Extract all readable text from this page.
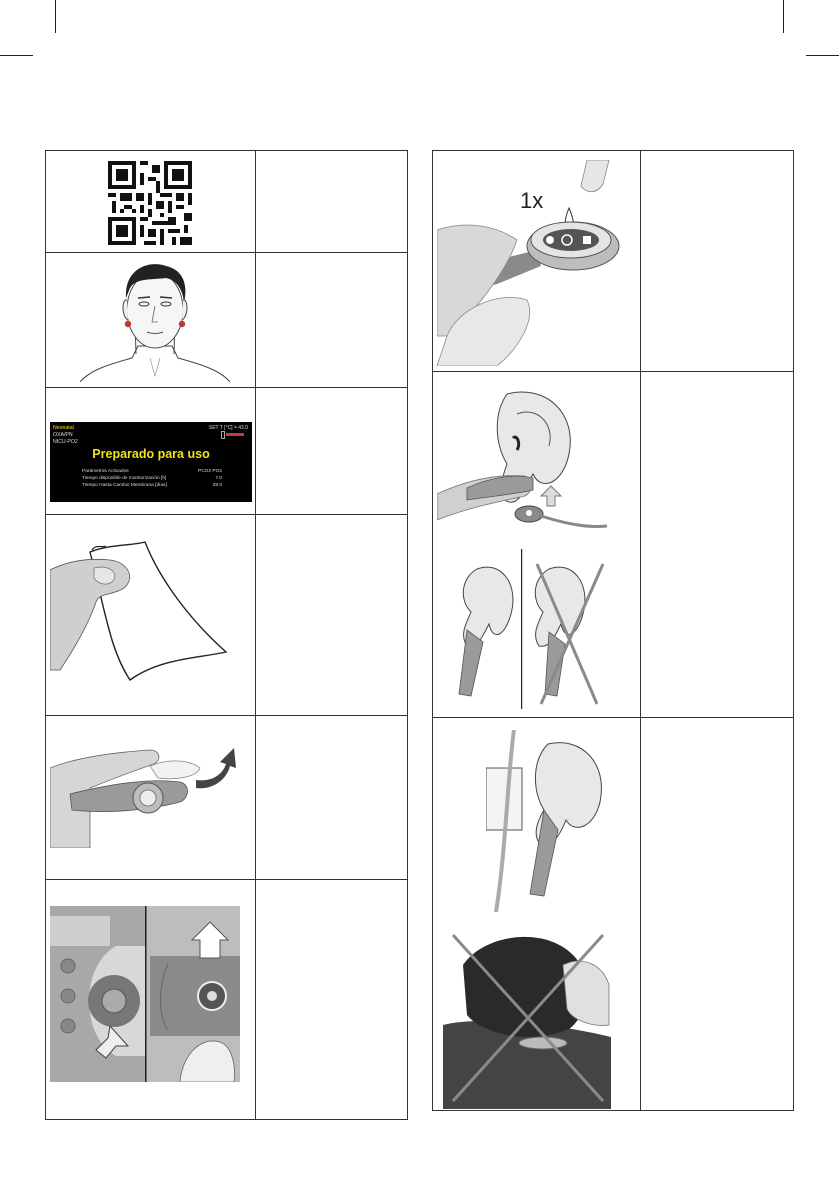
Neonatal
OXA/PN
NICU-PO2
SET T [°C] = 43.0
Preparado para uso
Parámetros Activados	PCO2 PO2
Tiempo disponible de monitorización [h]	7.0
Tiempo Hasta Cambio Membrana [días]	28.0
1x
